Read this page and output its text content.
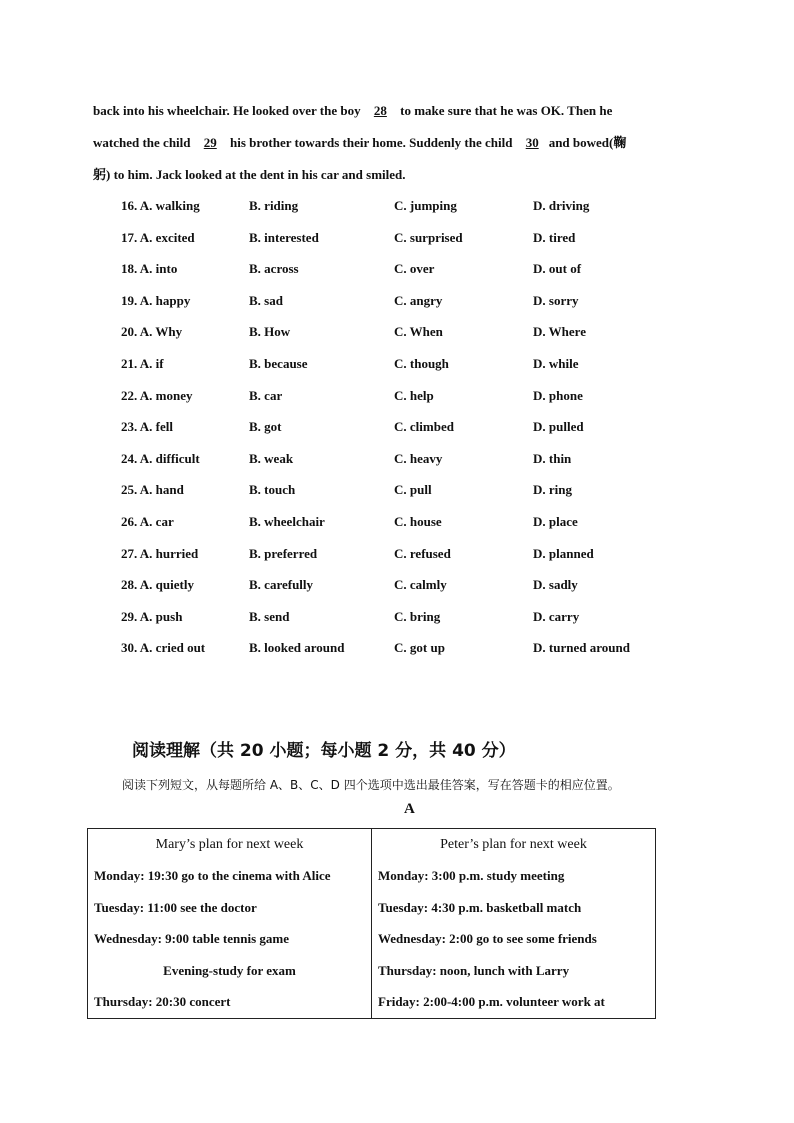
back into his wheelchair. He looked over the boy 28 to make sure that he was OK. Then he
watched the child 29 his brother towards their home. Suddenly the child 30 and bowed(鞠
躬) to him. Jack looked at the dent in his car and smiled.
16. A. walking	B. riding	C. jumping	D. driving
17. A. excited	B. interested	C. surprised	D. tired
18. A. into	B. across	C. over	D. out of
19. A. happy	B. sad	C. angry	D. sorry
20. A. Why	B. How	C. When	D. Where
21. A. if	B. because	C. though	D. while
22. A. money	B. car	C. help	D. phone
23. A. fell	B. got	C. climbed	D. pulled
24. A. difficult	B. weak	C. heavy	D. thin
25. A. hand	B. touch	C. pull	D. ring
26. A. car	B. wheelchair	C. house	D. place
27. A. hurried	B. preferred	C. refused	D. planned
28. A. quietly	B. carefully	C. calmly	D. sadly
29. A. push	B. send	C. bring	D. carry
30. A. cried out	B. looked around	C. got up	D. turned around
阅读理解（共 20 小题；每小题 2 分，共 40 分）
阅读下列短文，从每题所给 A、B、C、D 四个选项中选出最佳答案，写在答题卡的相应位置。
A
Mary’s plan for next week	Peter’s plan for next week
Monday: 19:30 go to the cinema with Alice	Monday: 3:00 p.m. study meeting
Tuesday: 11:00 see the doctor	Tuesday: 4:30 p.m. basketball match
Wednesday: 9:00 table tennis game	Wednesday: 2:00 go to see some friends
Evening-study for exam	Thursday: noon, lunch with Larry
Thursday: 20:30 concert	Friday: 2:00-4:00 p.m. volunteer work at
